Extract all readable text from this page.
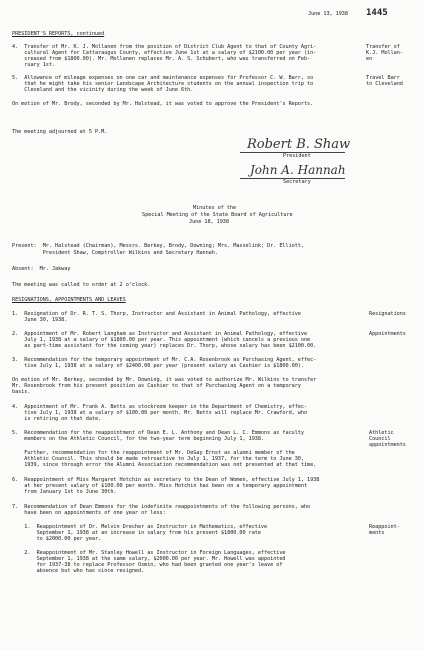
June 13, 1938 1445
PRESIDENT'S REPORTS, continued
4.  Transfer of Mr. K. J. Mollanen from the position of District Club Agent to that of County Agri-
cultural Agent for Cattaraugus County, effective June 1st at a salary of $2100.00 per year (in-
creased from $1800.00). Mr. Mollanen replaces Mr. A. S. Schubert, who was transferred on Feb-
ruary 1st.
Transfer of
K.J. Mollan-
en
5.  Allowance of mileage expenses on one car and maintenance expenses for Professor C. W. Barr, so
that he might take his senior Landscape Architecture students on the annual inspection trip to
Cleveland and the vicinity during the week of June 6th.
Travel Barr
to Cleveland
On motion of Mr. Brody, seconded by Mr. Halstead, it was voted to approve the President's Reports.
The meeting adjourned at 5 P.M.
Robert B. Shaw
President
John A. Hannah
Secretary
Minutes of the
Special Meeting of the State Board of Agriculture
June 18, 1938
Present:  Mr. Halstead (Chairman), Messrs. Berkey, Brody, Downing; Mrs. Masselink; Dr. Elliott,
President Shaw, Comptroller Wilkins and Secretary Hannah.
Absent:  Mr. Jakway
The meeting was called to order at 2 o'clock.
RESIGNATIONS, APPOINTMENTS AND LEAVES
1.  Resignation of Dr. R. T. S. Thorp, Instructor and Assistant in Animal Pathology, effective
June 30, 1938.
Resignations
2.  Appointment of Mr. Robert Langham as Instructor and Assistant in Animal Pathology, effective
July 1, 1938 at a salary of $1800.00 per year. This appointment (which cancels a previous one
as part-time assistant for the coming year) replaces Dr. Thorp, whose salary has been $2100.00.
Appointments
3.  Recommendation for the temporary appointment of Mr. C.A. Rosenbrook as Purchasing Agent, effec-
tive July 1, 1938 at a salary of $2400.00 per year (present salary as Cashier is $1800.00).
On motion of Mr. Berkey, seconded by Mr. Downing, it was voted to authorize Mr. Wilkins to transfer
Mr. Rosenbrook from his present position as Cashier to that of Purchasing Agent on a temporary
basis.
4.  Appointment of Mr. Frank A. Betts as stockroom keeper in the Department of Chemistry, effec-
tive July 1, 1938 at a salary of $100.00 per month. Mr. Betts will replace Mr. Crawford, who
is retiring on that date.
5.  Recommendation for the reappointment of Dean E. L. Anthony and Dean L. C. Emmons as faculty
members on the Athletic Council, for the two-year term beginning July 1, 1938.
Athletic
Council
appointments
Further, recommendation for the reappointment of Mr. DeGay Ernst as alumni member of the
Athletic Council. This should be made retroactive to July 1, 1937, for the term to June 30,
1939, since through error the Alumni Association recommendation was not presented at that time.
6.  Reappointment of Miss Margaret Hotchin as secretary to the Dean of Women, effective July 1, 1938
at her present salary of $100.00 per month. Miss Hotchin has been on a temporary appointment
from January 1st to June 30th.
7.  Recommendation of Dean Emmons for the indefinite reappointments of the following persons, who
have been on appointments of one year or less:
1.  Reappointment of Dr. Melvin Drecher as Instructor in Mathematics, effective
September 1, 1938 at an increase in salary from his present $1800.00 rate
to $2000.00 per year.
Reappoint-
ments
2.  Reappointment of Mr. Stanley Howell as Instructor in Foreign Languages, effective
September 1, 1938 at the same salary, $2000.00 per year. Mr. Howell was appointed
for 1937-38 to replace Professor Osmin, who had been granted one year's leave of
absence but who has since resigned.
